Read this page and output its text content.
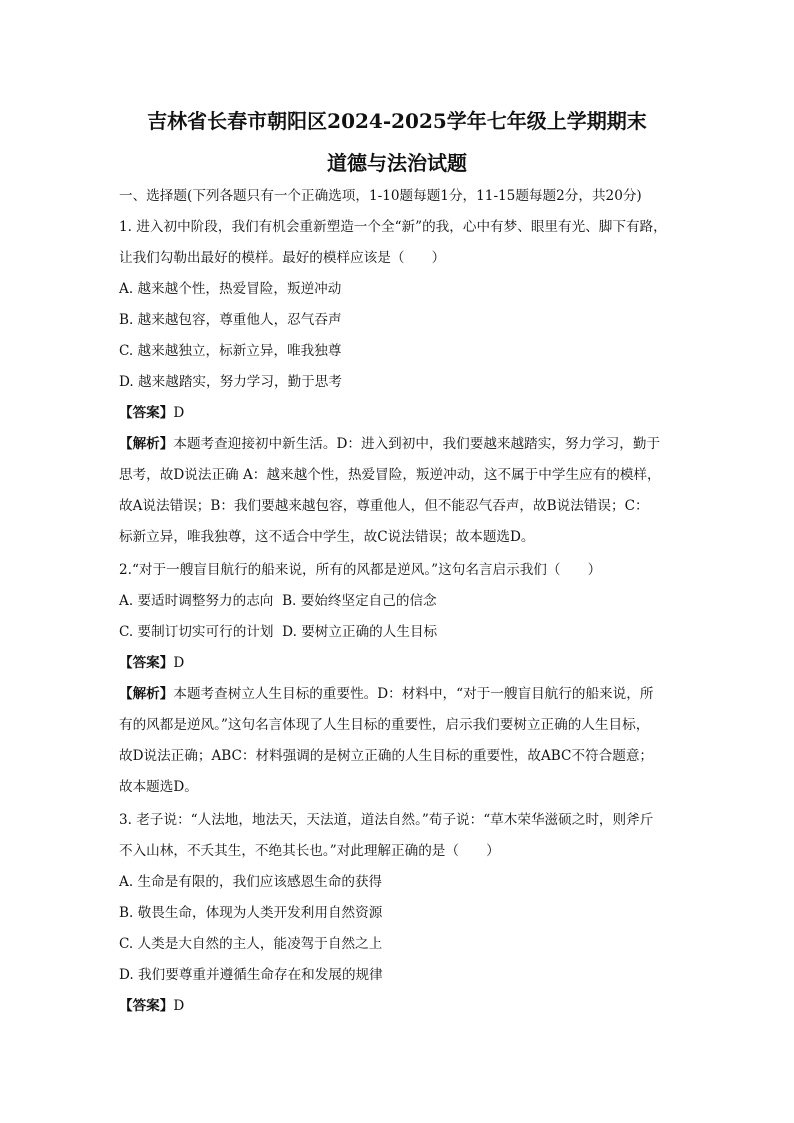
吉林省长春市朝阳区2024-2025学年七年级上学期期末
道德与法治试题

一、选择题(下列各题只有一个正确选项，1-10题每题1分，11-15题每题2分，共20分)

1. 进入初中阶段，我们有机会重新塑造一个全“新”的我，心中有梦、眼里有光、脚下有路，

让我们勾勒出最好的模样。最好的模样应该是（　　）

A. 越来越个性，热爱冒险，叛逆冲动

B. 越来越包容，尊重他人，忍气吞声

C. 越来越独立，标新立异，唯我独尊

D. 越来越踏实，努力学习，勤于思考

【答案】D

【解析】本题考查迎接初中新生活。D：进入到初中，我们要越来越踏实，努力学习，勤于

思考，故D说法正确 A：越来越个性，热爱冒险，叛逆冲动，这不属于中学生应有的模样，

故A说法错误；B：我们要越来越包容，尊重他人，但不能忍气吞声，故B说法错误；C：

标新立异，唯我独尊，这不适合中学生，故C说法错误；故本题选D。

2.“对于一艘盲目航行的船来说，所有的风都是逆风。”这句名言启示我们（　　）

A. 要适时调整努力的志向 B. 要始终坚定自己的信念

C. 要制订切实可行的计划 D. 要树立正确的人生目标

【答案】D

【解析】本题考查树立人生目标的重要性。D：材料中，“对于一艘盲目航行的船来说，所

有的风都是逆风。”这句名言体现了人生目标的重要性，启示我们要树立正确的人生目标，

故D说法正确；ABC：材料强调的是树立正确的人生目标的重要性，故ABC不符合题意；

故本题选D。

3. 老子说：“人法地，地法天，天法道，道法自然。”荀子说：“草木荣华滋硕之时，则斧斤

不入山林，不夭其生，不绝其长也。”对此理解正确的是（　　）

A. 生命是有限的，我们应该感恩生命的获得

B. 敬畏生命，体现为人类开发利用自然资源

C. 人类是大自然的主人，能凌驾于自然之上

D. 我们要尊重并遵循生命存在和发展的规律

【答案】D
